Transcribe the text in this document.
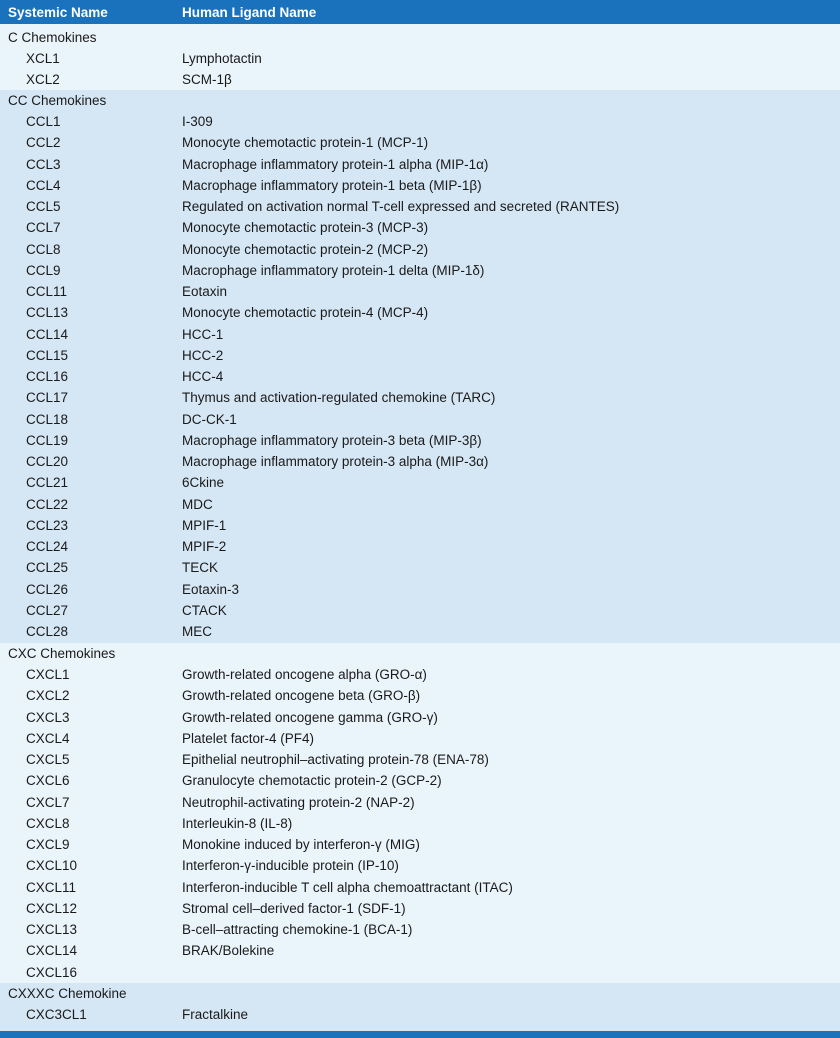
Systemic Name	Human Ligand Name
C Chemokines
XCL1	Lymphotactin
XCL2	SCM-1β
CC Chemokines
CCL1	I-309
CCL2	Monocyte chemotactic protein-1 (MCP-1)
CCL3	Macrophage inflammatory protein-1 alpha (MIP-1α)
CCL4	Macrophage inflammatory protein-1 beta (MIP-1β)
CCL5	Regulated on activation normal T-cell expressed and secreted (RANTES)
CCL7	Monocyte chemotactic protein-3 (MCP-3)
CCL8	Monocyte chemotactic protein-2 (MCP-2)
CCL9	Macrophage inflammatory protein-1 delta (MIP-1δ)
CCL11	Eotaxin
CCL13	Monocyte chemotactic protein-4 (MCP-4)
CCL14	HCC-1
CCL15	HCC-2
CCL16	HCC-4
CCL17	Thymus and activation-regulated chemokine (TARC)
CCL18	DC-CK-1
CCL19	Macrophage inflammatory protein-3 beta (MIP-3β)
CCL20	Macrophage inflammatory protein-3 alpha (MIP-3α)
CCL21	6Ckine
CCL22	MDC
CCL23	MPIF-1
CCL24	MPIF-2
CCL25	TECK
CCL26	Eotaxin-3
CCL27	CTACK
CCL28	MEC
CXC Chemokines
CXCL1	Growth-related oncogene alpha (GRO-α)
CXCL2	Growth-related oncogene beta (GRO-β)
CXCL3	Growth-related oncogene gamma (GRO-γ)
CXCL4	Platelet factor-4 (PF4)
CXCL5	Epithelial neutrophil–activating protein-78 (ENA-78)
CXCL6	Granulocyte chemotactic protein-2 (GCP-2)
CXCL7	Neutrophil-activating protein-2 (NAP-2)
CXCL8	Interleukin-8 (IL-8)
CXCL9	Monokine induced by interferon-γ (MIG)
CXCL10	Interferon-γ-inducible protein (IP-10)
CXCL11	Interferon-inducible T cell alpha chemoattractant (ITAC)
CXCL12	Stromal cell–derived factor-1 (SDF-1)
CXCL13	B-cell–attracting chemokine-1 (BCA-1)
CXCL14	BRAK/Bolekine
CXCL16
CXXXC Chemokine
CXC3CL1	Fractalkine
